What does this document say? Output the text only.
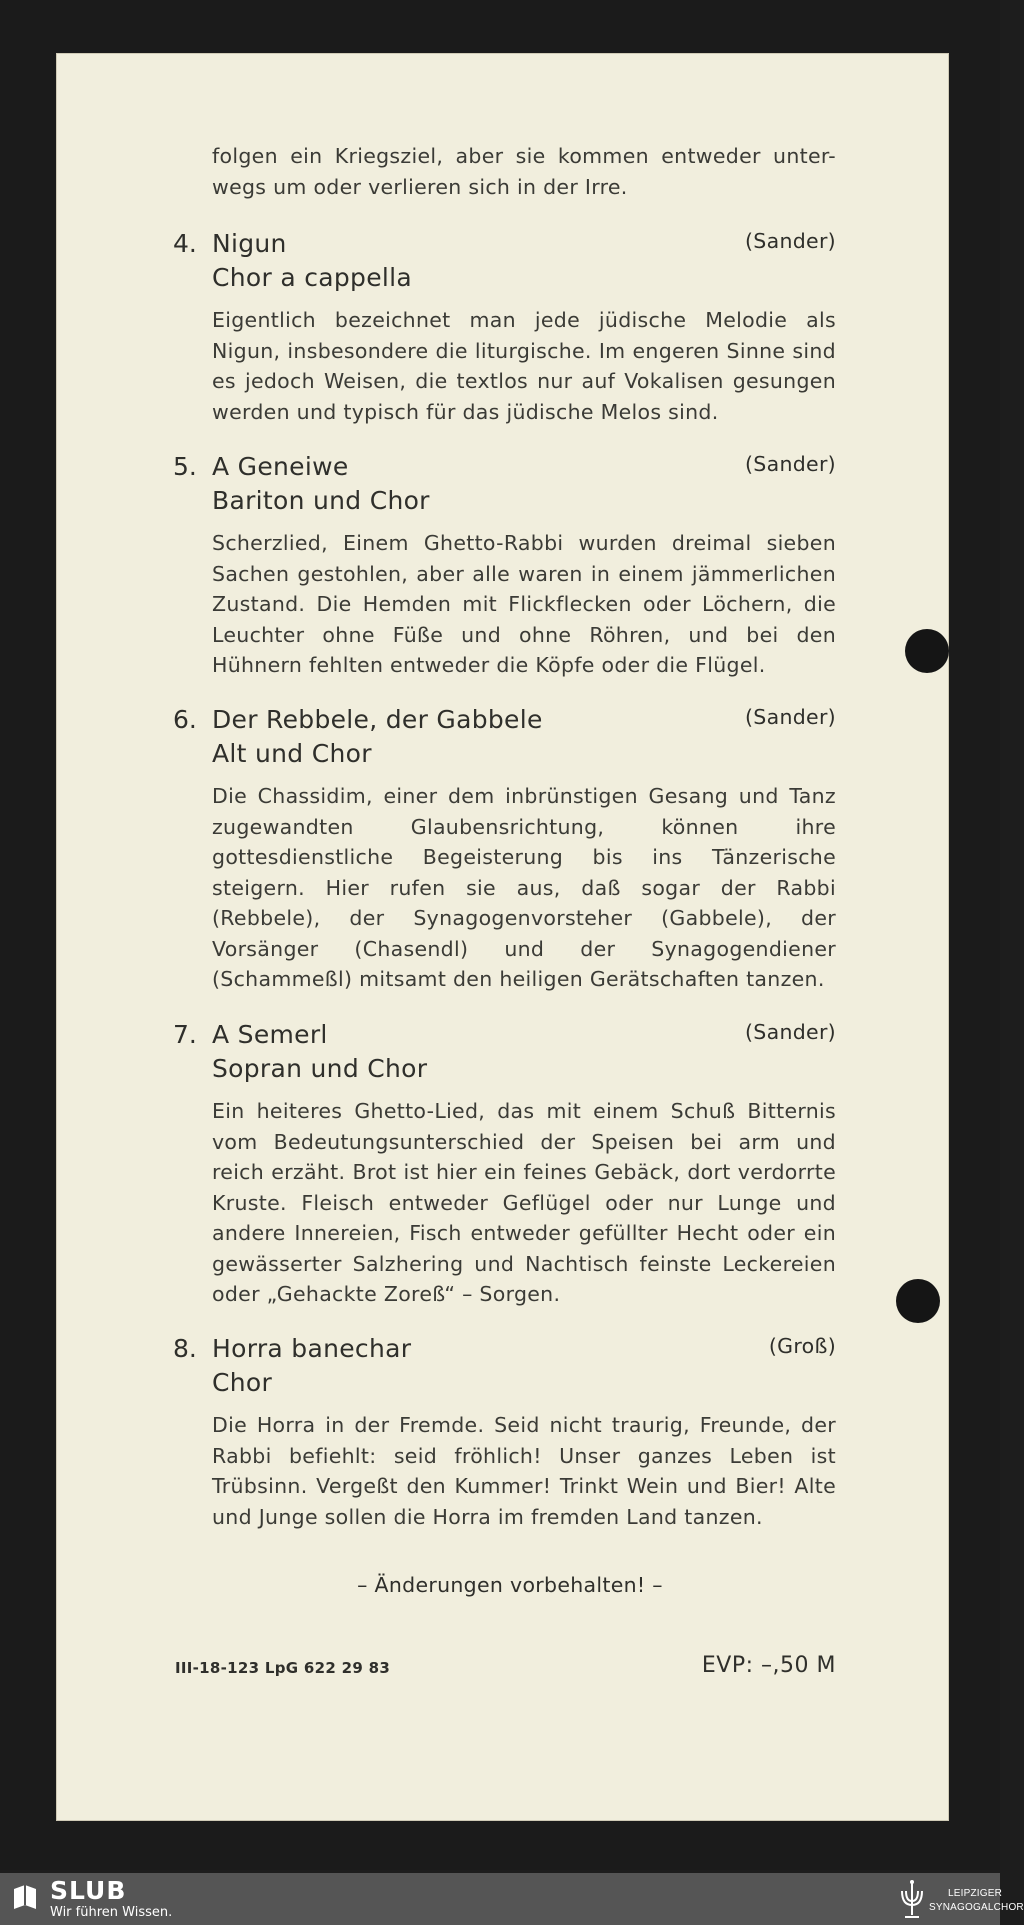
folgen ein Kriegsziel, aber sie kommen entweder unter-
wegs um oder verlieren sich in der Irre.
4. Nigun	(Sander)
Chor a cappella
Eigentlich bezeichnet man jede jüdische Melodie als Nigun, insbesondere die liturgische. Im engeren Sinne sind es jedoch Weisen, die textlos nur auf Vokalisen gesungen werden und typisch für das jüdische Melos sind.
5. A Geneiwe	(Sander)
Bariton und Chor
Scherzlied, Einem Ghetto-Rabbi wurden dreimal sieben Sachen gestohlen, aber alle waren in einem jämmerlichen Zustand. Die Hemden mit Flickflecken oder Löchern, die Leuchter ohne Füße und ohne Röhren, und bei den Hühnern fehlten entweder die Köpfe oder die Flügel.
6. Der Rebbele, der Gabbele	(Sander)
Alt und Chor
Die Chassidim, einer dem inbrünstigen Gesang und Tanz zugewandten Glaubensrichtung, können ihre gottesdienstliche Begeisterung bis ins Tänzerische steigern. Hier rufen sie aus, daß sogar der Rabbi (Rebbele), der Synagogenvorsteher (Gabbele), der Vorsänger (Chasendl) und der Synagogendiener (Schammeßl) mitsamt den heiligen Gerätschaften tanzen.
7. A Semerl	(Sander)
Sopran und Chor
Ein heiteres Ghetto-Lied, das mit einem Schuß Bitternis vom Bedeutungsunterschied der Speisen bei arm und reich erzäht. Brot ist hier ein feines Gebäck, dort verdorrte Kruste. Fleisch entweder Geflügel oder nur Lunge und andere Innereien, Fisch entweder gefüllter Hecht oder ein gewässerter Salzhering und Nachtisch feinste Leckereien oder „Gehackte Zoreß“ – Sorgen.
8. Horra banechar	(Groß)
Chor
Die Horra in der Fremde. Seid nicht traurig, Freunde, der Rabbi befiehlt: seid fröhlich! Unser ganzes Leben ist Trübsinn. Vergeßt den Kummer! Trinkt Wein und Bier! Alte und Junge sollen die Horra im fremden Land tanzen.
– Änderungen vorbehalten! –
III-18-123 LpG 622 29 83	EVP: –,50 M
SLUB
Wir führen Wissen.
LEIPZIGER
SYNAGOGALCHOR
